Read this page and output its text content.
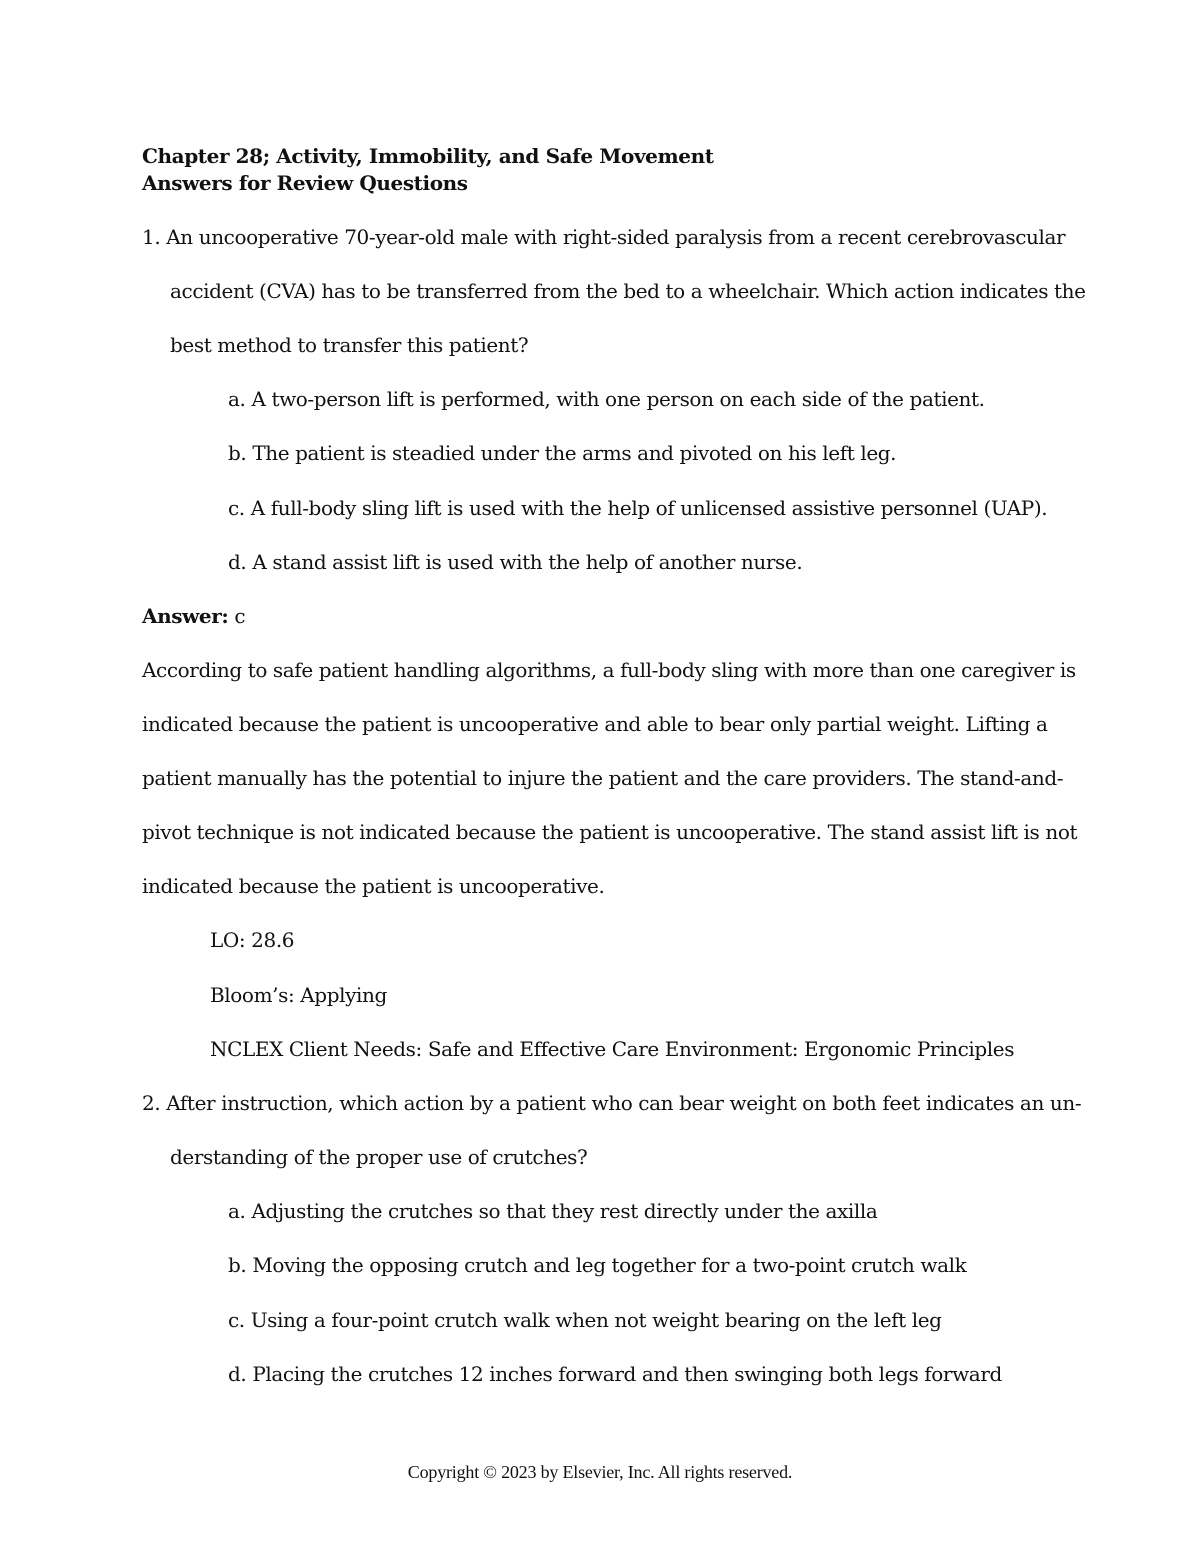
Chapter 28; Activity, Immobility, and Safe Movement
Answers for Review Questions
1. An uncooperative 70-year-old male with right-sided paralysis from a recent cerebrovascular
accident (CVA) has to be transferred from the bed to a wheelchair. Which action indicates the
best method to transfer this patient?
a. A two-person lift is performed, with one person on each side of the patient.
b. The patient is steadied under the arms and pivoted on his left leg.
c. A full-body sling lift is used with the help of unlicensed assistive personnel (UAP).
d. A stand assist lift is used with the help of another nurse.
Answer: c
According to safe patient handling algorithms, a full-body sling with more than one caregiver is
indicated because the patient is uncooperative and able to bear only partial weight. Lifting a
patient manually has the potential to injure the patient and the care providers. The stand-and-
pivot technique is not indicated because the patient is uncooperative. The stand assist lift is not
indicated because the patient is uncooperative.
LO: 28.6
Bloom’s: Applying
NCLEX Client Needs: Safe and Effective Care Environment: Ergonomic Principles
2. After instruction, which action by a patient who can bear weight on both feet indicates an un-
derstanding of the proper use of crutches?
a. Adjusting the crutches so that they rest directly under the axilla
b. Moving the opposing crutch and leg together for a two-point crutch walk
c. Using a four-point crutch walk when not weight bearing on the left leg
d. Placing the crutches 12 inches forward and then swinging both legs forward
Copyright © 2023 by Elsevier, Inc. All rights reserved.
